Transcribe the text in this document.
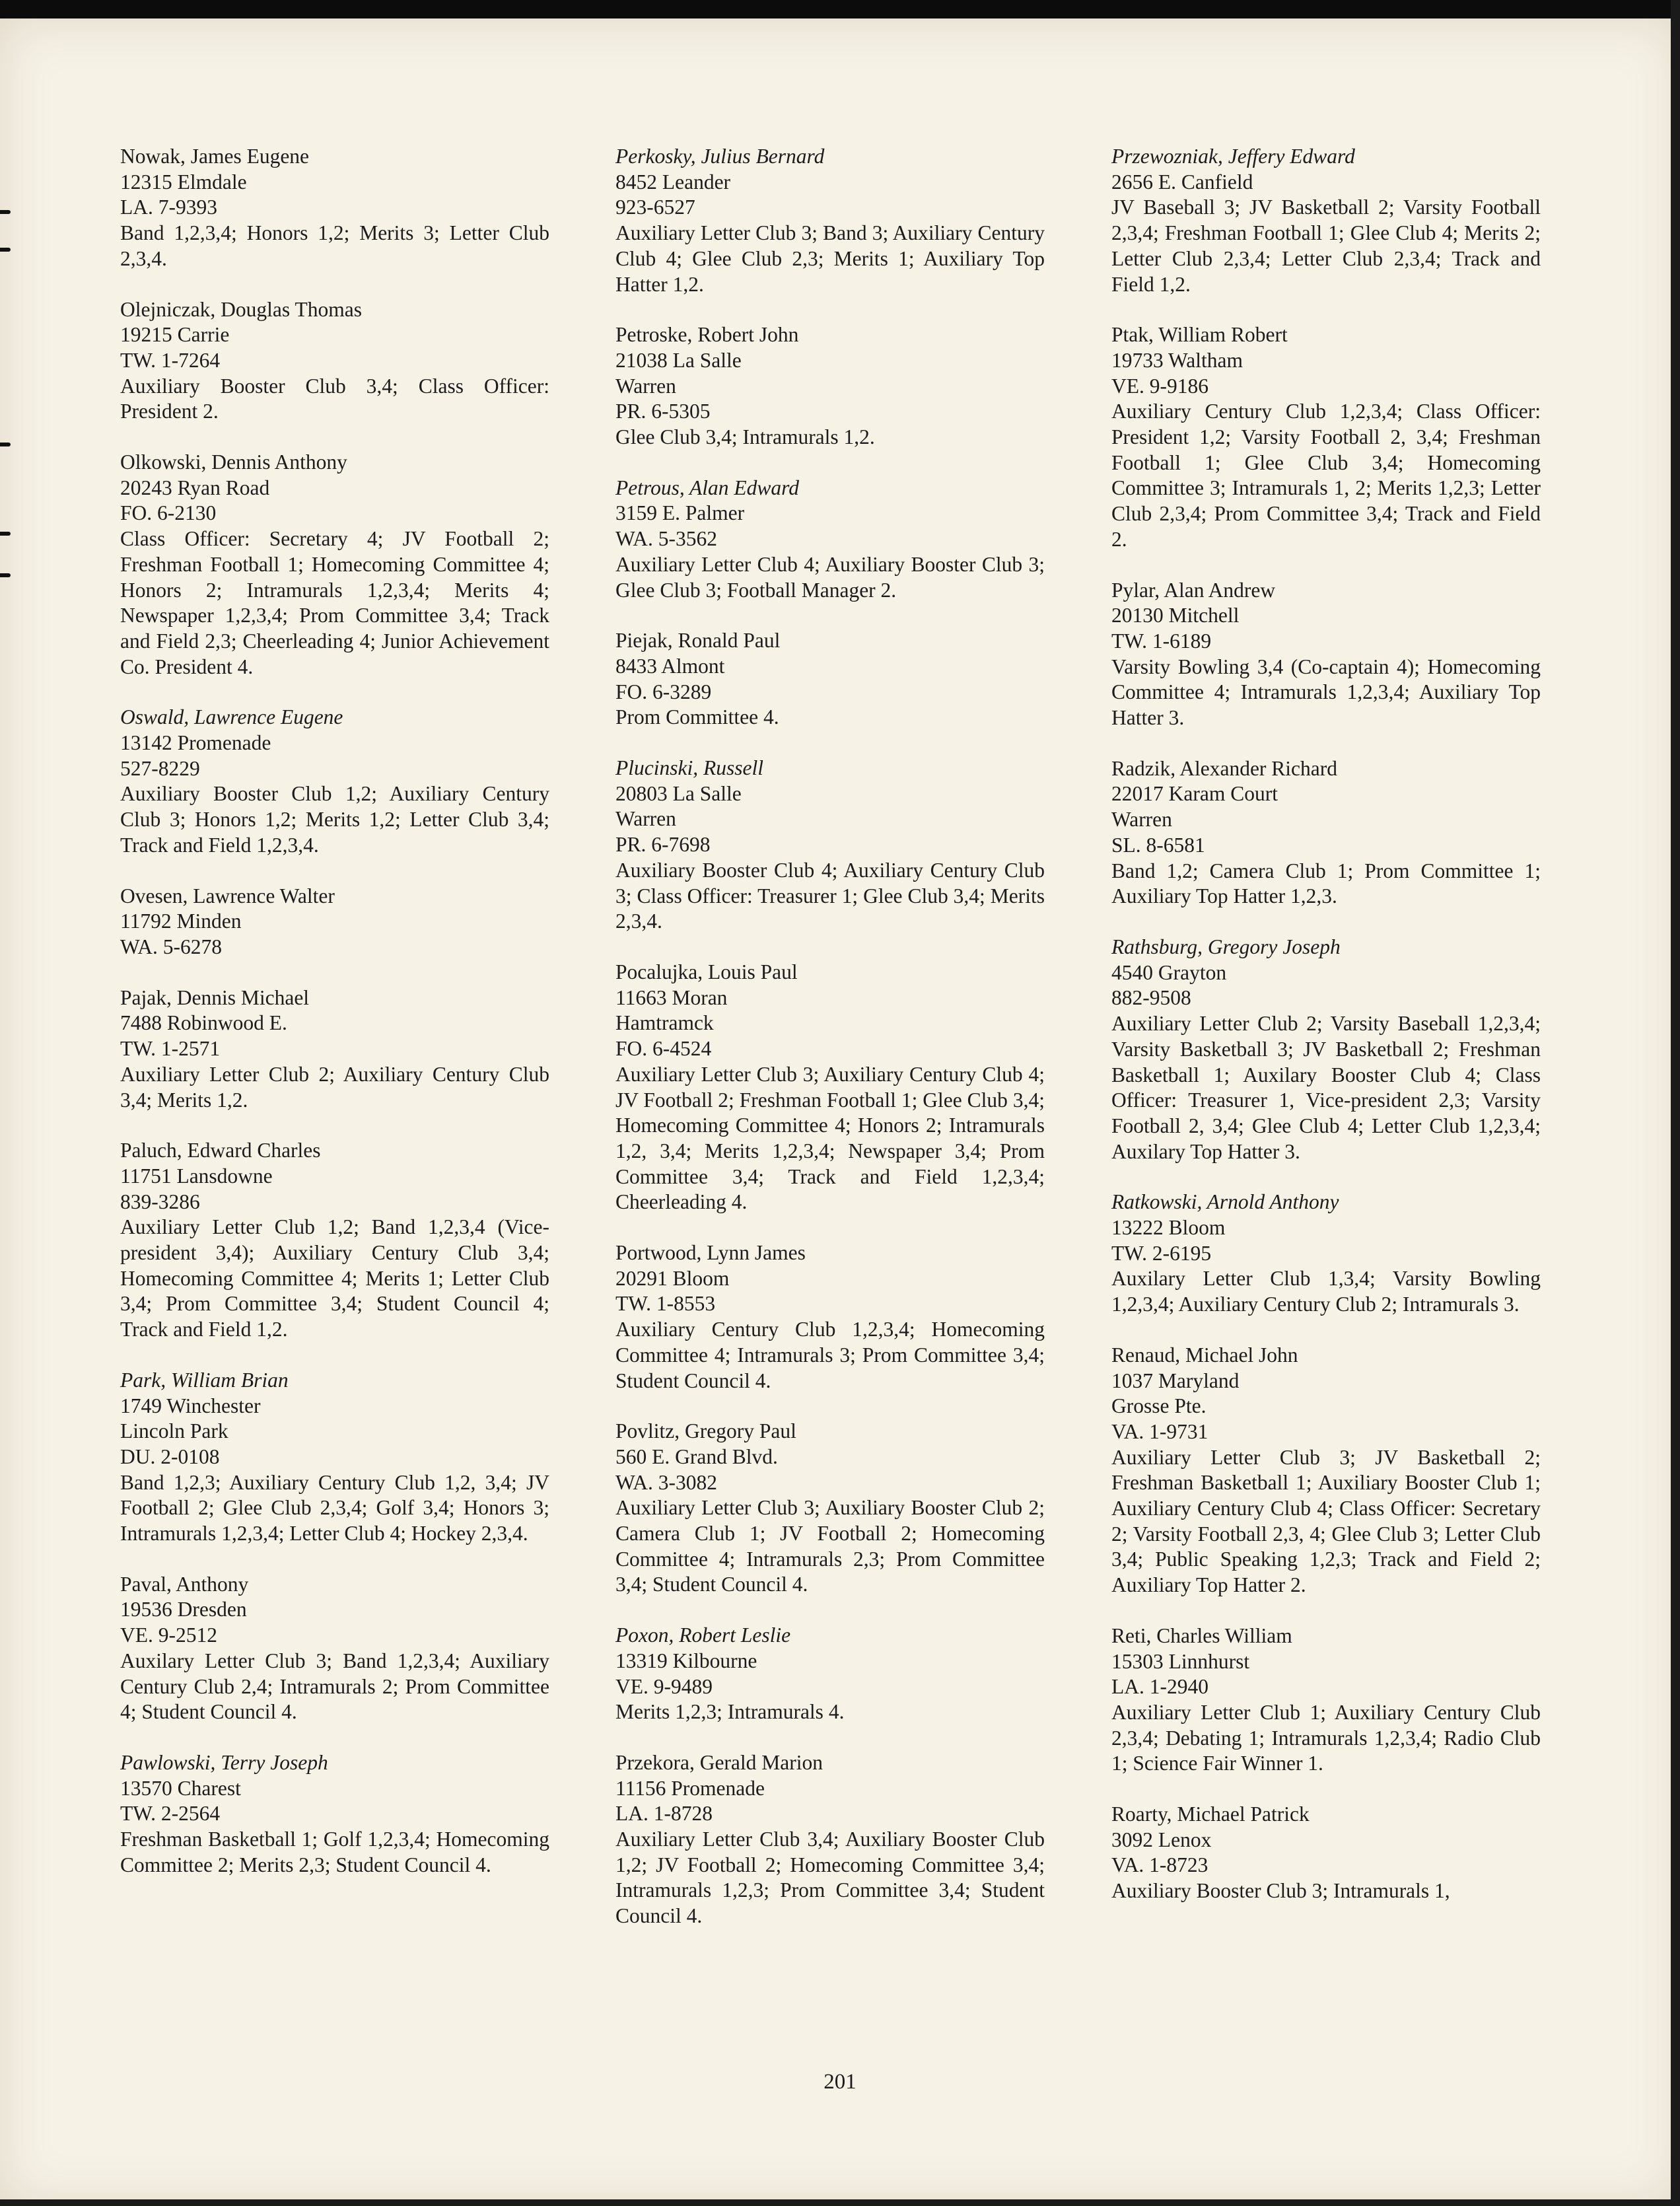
Nowak, James Eugene
12315 Elmdale
LA. 7-9393
Band 1,2,3,4; Honors 1,2; Merits 3; Letter Club 2,3,4.
Olejniczak, Douglas Thomas
19215 Carrie
TW. 1-7264
Auxiliary Booster Club 3,4; Class Officer: President 2.
Olkowski, Dennis Anthony
20243 Ryan Road
FO. 6-2130
Class Officer: Secretary 4; JV Football 2; Freshman Football 1; Homecoming Committee 4; Honors 2; Intramurals 1,2,3,4; Merits 4; Newspaper 1,2,3,4; Prom Committee 3,4; Track and Field 2,3; Cheerleading 4; Junior Achievement Co. President 4.
Oswald, Lawrence Eugene
13142 Promenade
527-8229
Auxiliary Booster Club 1,2; Auxiliary Century Club 3; Honors 1,2; Merits 1,2; Letter Club 3,4; Track and Field 1,2,3,4.
Ovesen, Lawrence Walter
11792 Minden
WA. 5-6278
Pajak, Dennis Michael
7488 Robinwood E.
TW. 1-2571
Auxiliary Letter Club 2; Auxiliary Century Club 3,4; Merits 1,2.
Paluch, Edward Charles
11751 Lansdowne
839-3286
Auxiliary Letter Club 1,2; Band 1,2,3,4 (Vice-president 3,4); Auxiliary Century Club 3,4; Homecoming Committee 4; Merits 1; Letter Club 3,4; Prom Committee 3,4; Student Council 4; Track and Field 1,2.
Park, William Brian
1749 Winchester
Lincoln Park
DU. 2-0108
Band 1,2,3; Auxiliary Century Club 1,2, 3,4; JV Football 2; Glee Club 2,3,4; Golf 3,4; Honors 3; Intramurals 1,2,3,4; Letter Club 4; Hockey 2,3,4.
Paval, Anthony
19536 Dresden
VE. 9-2512
Auxilary Letter Club 3; Band 1,2,3,4; Auxiliary Century Club 2,4; Intramurals 2; Prom Committee 4; Student Council 4.
Pawlowski, Terry Joseph
13570 Charest
TW. 2-2564
Freshman Basketball 1; Golf 1,2,3,4; Homecoming Committee 2; Merits 2,3; Student Council 4.
Perkosky, Julius Bernard
8452 Leander
923-6527
Auxiliary Letter Club 3; Band 3; Auxiliary Century Club 4; Glee Club 2,3; Merits 1; Auxiliary Top Hatter 1,2.
Petroske, Robert John
21038 La Salle
Warren
PR. 6-5305
Glee Club 3,4; Intramurals 1,2.
Petrous, Alan Edward
3159 E. Palmer
WA. 5-3562
Auxiliary Letter Club 4; Auxiliary Booster Club 3; Glee Club 3; Football Manager 2.
Piejak, Ronald Paul
8433 Almont
FO. 6-3289
Prom Committee 4.
Plucinski, Russell
20803 La Salle
Warren
PR. 6-7698
Auxiliary Booster Club 4; Auxiliary Century Club 3; Class Officer: Treasurer 1; Glee Club 3,4; Merits 2,3,4.
Pocalujka, Louis Paul
11663 Moran
Hamtramck
FO. 6-4524
Auxiliary Letter Club 3; Auxiliary Century Club 4; JV Football 2; Freshman Football 1; Glee Club 3,4; Homecoming Committee 4; Honors 2; Intramurals 1,2, 3,4; Merits 1,2,3,4; Newspaper 3,4; Prom Committee 3,4; Track and Field 1,2,3,4; Cheerleading 4.
Portwood, Lynn James
20291 Bloom
TW. 1-8553
Auxiliary Century Club 1,2,3,4; Homecoming Committee 4; Intramurals 3; Prom Committee 3,4; Student Council 4.
Povlitz, Gregory Paul
560 E. Grand Blvd.
WA. 3-3082
Auxiliary Letter Club 3; Auxiliary Booster Club 2; Camera Club 1; JV Football 2; Homecoming Committee 4; Intramurals 2,3; Prom Committee 3,4; Student Council 4.
Poxon, Robert Leslie
13319 Kilbourne
VE. 9-9489
Merits 1,2,3; Intramurals 4.
Przekora, Gerald Marion
11156 Promenade
LA. 1-8728
Auxiliary Letter Club 3,4; Auxiliary Booster Club 1,2; JV Football 2; Homecoming Committee 3,4; Intramurals 1,2,3; Prom Committee 3,4; Student Council 4.
Przewozniak, Jeffery Edward
2656 E. Canfield
JV Baseball 3; JV Basketball 2; Varsity Football 2,3,4; Freshman Football 1; Glee Club 4; Merits 2; Letter Club 2,3,4; Letter Club 2,3,4; Track and Field 1,2.
Ptak, William Robert
19733 Waltham
VE. 9-9186
Auxiliary Century Club 1,2,3,4; Class Officer: President 1,2; Varsity Football 2, 3,4; Freshman Football 1; Glee Club 3,4; Homecoming Committee 3; Intramurals 1, 2; Merits 1,2,3; Letter Club 2,3,4; Prom Committee 3,4; Track and Field 2.
Pylar, Alan Andrew
20130 Mitchell
TW. 1-6189
Varsity Bowling 3,4 (Co-captain 4); Homecoming Committee 4; Intramurals 1,2,3,4; Auxiliary Top Hatter 3.
Radzik, Alexander Richard
22017 Karam Court
Warren
SL. 8-6581
Band 1,2; Camera Club 1; Prom Committee 1; Auxiliary Top Hatter 1,2,3.
Rathsburg, Gregory Joseph
4540 Grayton
882-9508
Auxiliary Letter Club 2; Varsity Baseball 1,2,3,4; Varsity Basketball 3; JV Basketball 2; Freshman Basketball 1; Auxilary Booster Club 4; Class Officer: Treasurer 1, Vice-president 2,3; Varsity Football 2, 3,4; Glee Club 4; Letter Club 1,2,3,4; Auxilary Top Hatter 3.
Ratkowski, Arnold Anthony
13222 Bloom
TW. 2-6195
Auxilary Letter Club 1,3,4; Varsity Bowling 1,2,3,4; Auxiliary Century Club 2; Intramurals 3.
Renaud, Michael John
1037 Maryland
Grosse Pte.
VA. 1-9731
Auxiliary Letter Club 3; JV Basketball 2; Freshman Basketball 1; Auxiliary Booster Club 1; Auxiliary Century Club 4; Class Officer: Secretary 2; Varsity Football 2,3, 4; Glee Club 3; Letter Club 3,4; Public Speaking 1,2,3; Track and Field 2; Auxiliary Top Hatter 2.
Reti, Charles William
15303 Linnhurst
LA. 1-2940
Auxiliary Letter Club 1; Auxiliary Century Club 2,3,4; Debating 1; Intramurals 1,2,3,4; Radio Club 1; Science Fair Winner 1.
Roarty, Michael Patrick
3092 Lenox
VA. 1-8723
Auxiliary Booster Club 3; Intramurals 1,
201
